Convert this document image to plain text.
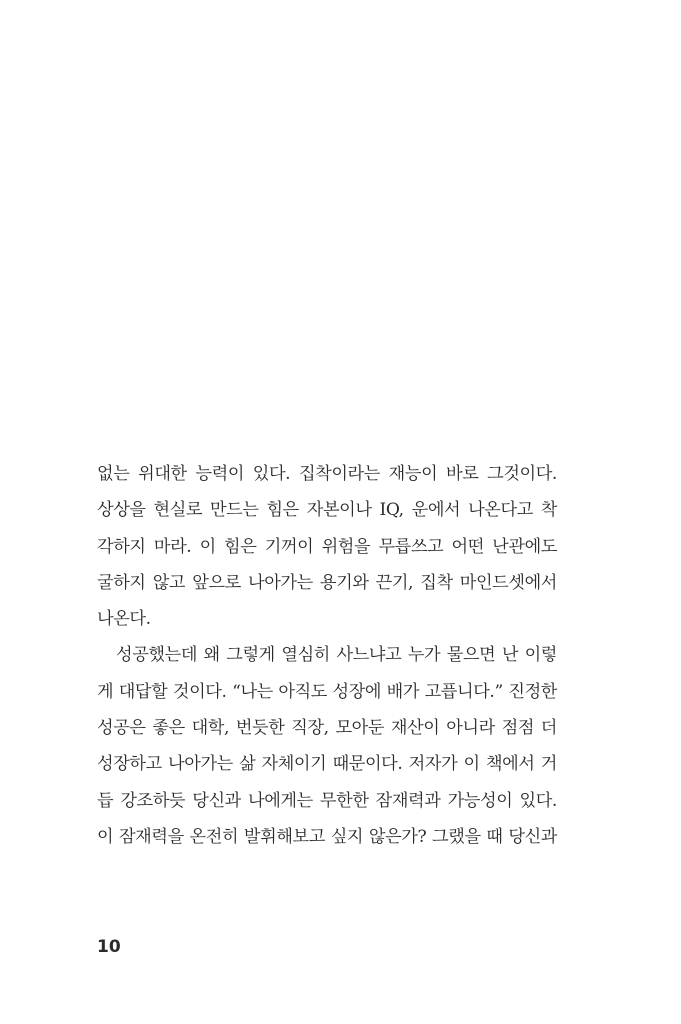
없는 위대한 능력이 있다. 집착이라는 재능이 바로 그것이다.
상상을 현실로 만드는 힘은 자본이나 IQ, 운에서 나온다고 착
각하지 마라. 이 힘은 기꺼이 위험을 무릅쓰고 어떤 난관에도
굴하지 않고 앞으로 나아가는 용기와 끈기, 집착 마인드셋에서
나온다.

성공했는데 왜 그렇게 열심히 사느냐고 누가 물으면 난 이렇
게 대답할 것이다. “나는 아직도 성장에 배가 고픕니다.” 진정한
성공은 좋은 대학, 번듯한 직장, 모아둔 재산이 아니라 점점 더
성장하고 나아가는 삶 자체이기 때문이다. 저자가 이 책에서 거
듭 강조하듯 당신과 나에게는 무한한 잠재력과 가능성이 있다.
이 잠재력을 온전히 발휘해보고 싶지 않은가? 그랬을 때 당신과

10
